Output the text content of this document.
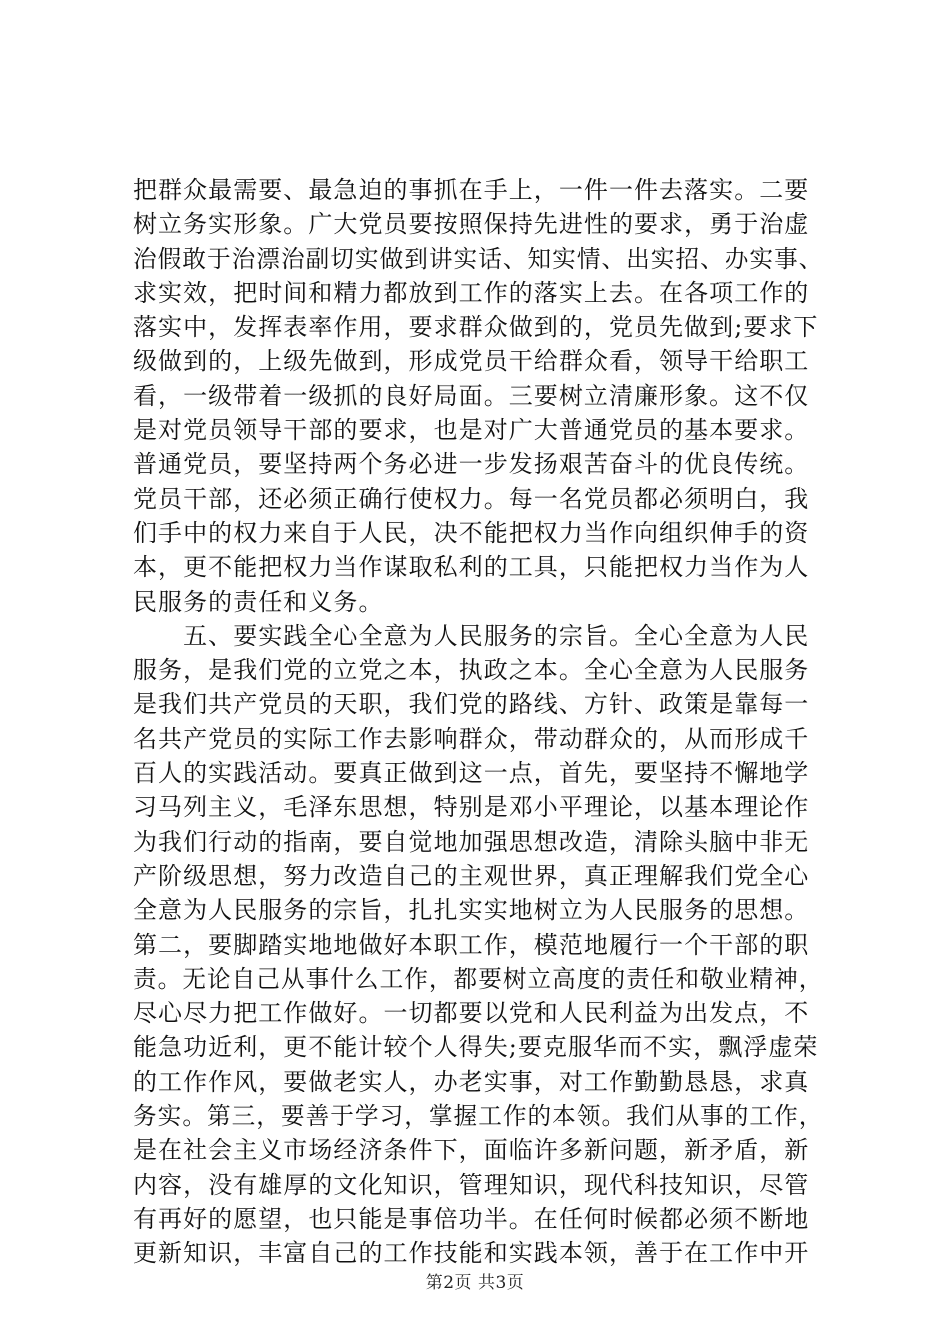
把群众最需要、最急迫的事抓在手上，一件一件去落实。二要
树立务实形象。广大党员要按照保持先进性的要求，勇于治虚
治假敢于治漂治副切实做到讲实话、知实情、出实招、办实事、
求实效，把时间和精力都放到工作的落实上去。在各项工作的
落实中，发挥表率作用，要求群众做到的，党员先做到;要求下
级做到的，上级先做到，形成党员干给群众看，领导干给职工
看，一级带着一级抓的良好局面。三要树立清廉形象。这不仅
是对党员领导干部的要求，也是对广大普通党员的基本要求。
普通党员，要坚持两个务必进一步发扬艰苦奋斗的优良传统。
党员干部，还必须正确行使权力。每一名党员都必须明白，我
们手中的权力来自于人民，决不能把权力当作向组织伸手的资
本，更不能把权力当作谋取私利的工具，只能把权力当作为人
民服务的责任和义务。
　　五、要实践全心全意为人民服务的宗旨。全心全意为人民
服务，是我们党的立党之本，执政之本。全心全意为人民服务
是我们共产党员的天职，我们党的路线、方针、政策是靠每一
名共产党员的实际工作去影响群众，带动群众的，从而形成千
百人的实践活动。要真正做到这一点，首先，要坚持不懈地学
习马列主义，毛泽东思想，特别是邓小平理论，以基本理论作
为我们行动的指南，要自觉地加强思想改造，清除头脑中非无
产阶级思想，努力改造自己的主观世界，真正理解我们党全心
全意为人民服务的宗旨，扎扎实实地树立为人民服务的思想。
第二，要脚踏实地地做好本职工作，模范地履行一个干部的职
责。无论自己从事什么工作，都要树立高度的责任和敬业精神，
尽心尽力把工作做好。一切都要以党和人民利益为出发点，不
能急功近利，更不能计较个人得失;要克服华而不实，飘浮虚荣
的工作作风，要做老实人，办老实事，对工作勤勤恳恳，求真
务实。第三，要善于学习，掌握工作的本领。我们从事的工作，
是在社会主义市场经济条件下，面临许多新问题，新矛盾，新
内容，没有雄厚的文化知识，管理知识，现代科技知识，尽管
有再好的愿望，也只能是事倍功半。在任何时候都必须不断地
更新知识，丰富自己的工作技能和实践本领，善于在工作中开
第2页 共3页
